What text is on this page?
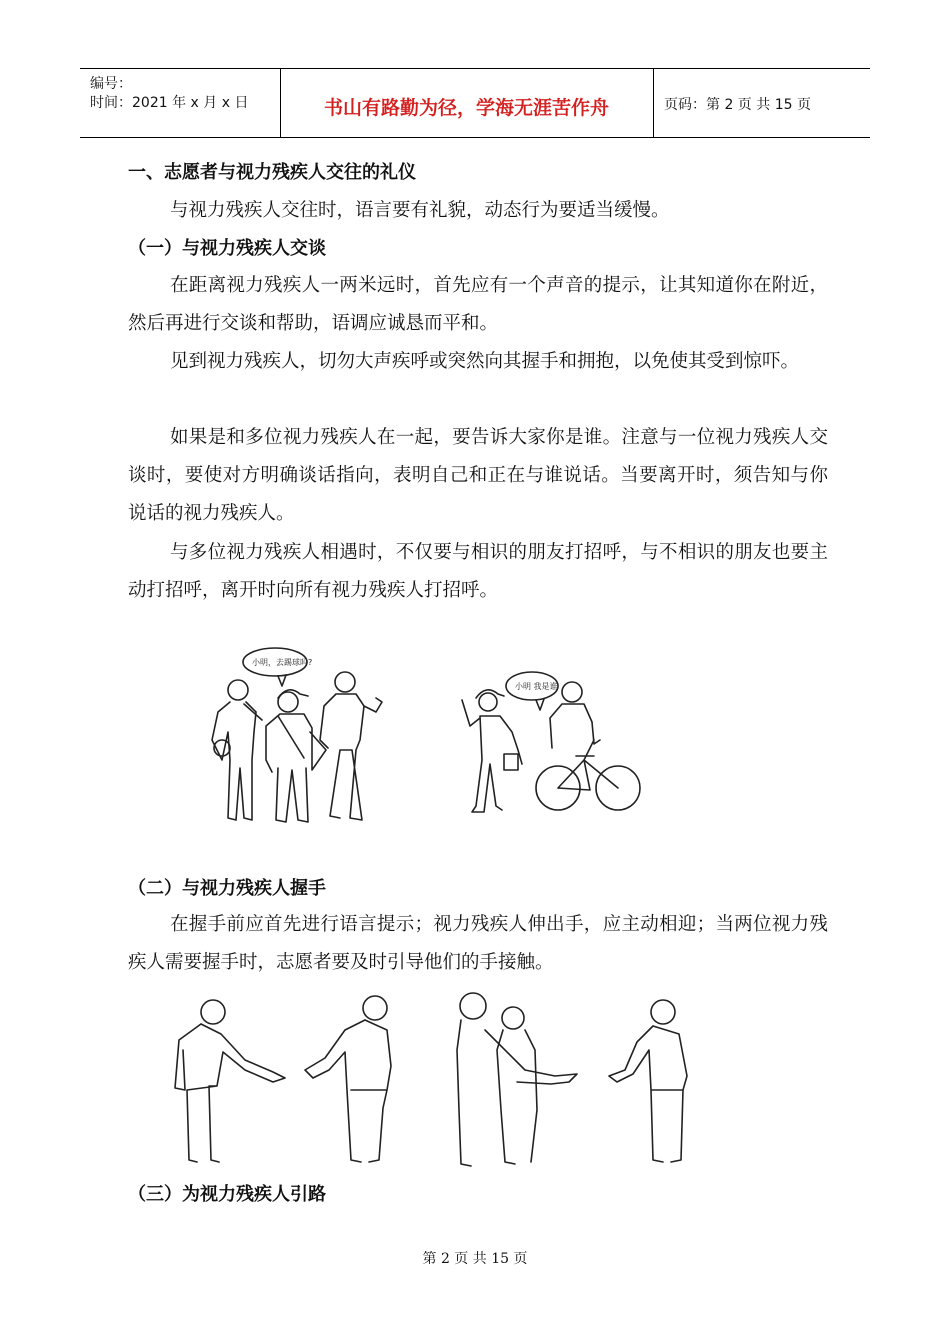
编号：
时间：2021 年 x 月 x 日	书山有路勤为径，学海无涯苦作舟	页码：第 2 页 共 15 页
一、志愿者与视力残疾人交往的礼仪

与视力残疾人交往时，语言要有礼貌，动态行为要适当缓慢。

（一）与视力残疾人交谈

在距离视力残疾人一两米远时，首先应有一个声音的提示，让其知道你在附近，然后再进行交谈和帮助，语调应诚恳而平和。

见到视力残疾人，切勿大声疾呼或突然向其握手和拥抱，以免使其受到惊吓。

如果是和多位视力残疾人在一起，要告诉大家你是谁。注意与一位视力残疾人交谈时，要使对方明确谈话指向，表明自己和正在与谁说话。当要离开时，须告知与你说话的视力残疾人。

与多位视力残疾人相遇时，不仅要与相识的朋友打招呼，与不相识的朋友也要主动打招呼，离开时向所有视力残疾人打招呼。

小明，去踢球吗?
小明 我是谁
（二）与视力残疾人握手

在握手前应首先进行语言提示；视力残疾人伸出手，应主动相迎；当两位视力残疾人需要握手时，志愿者要及时引导他们的手接触。

（三）为视力残疾人引路
第 2 页 共 15 页
